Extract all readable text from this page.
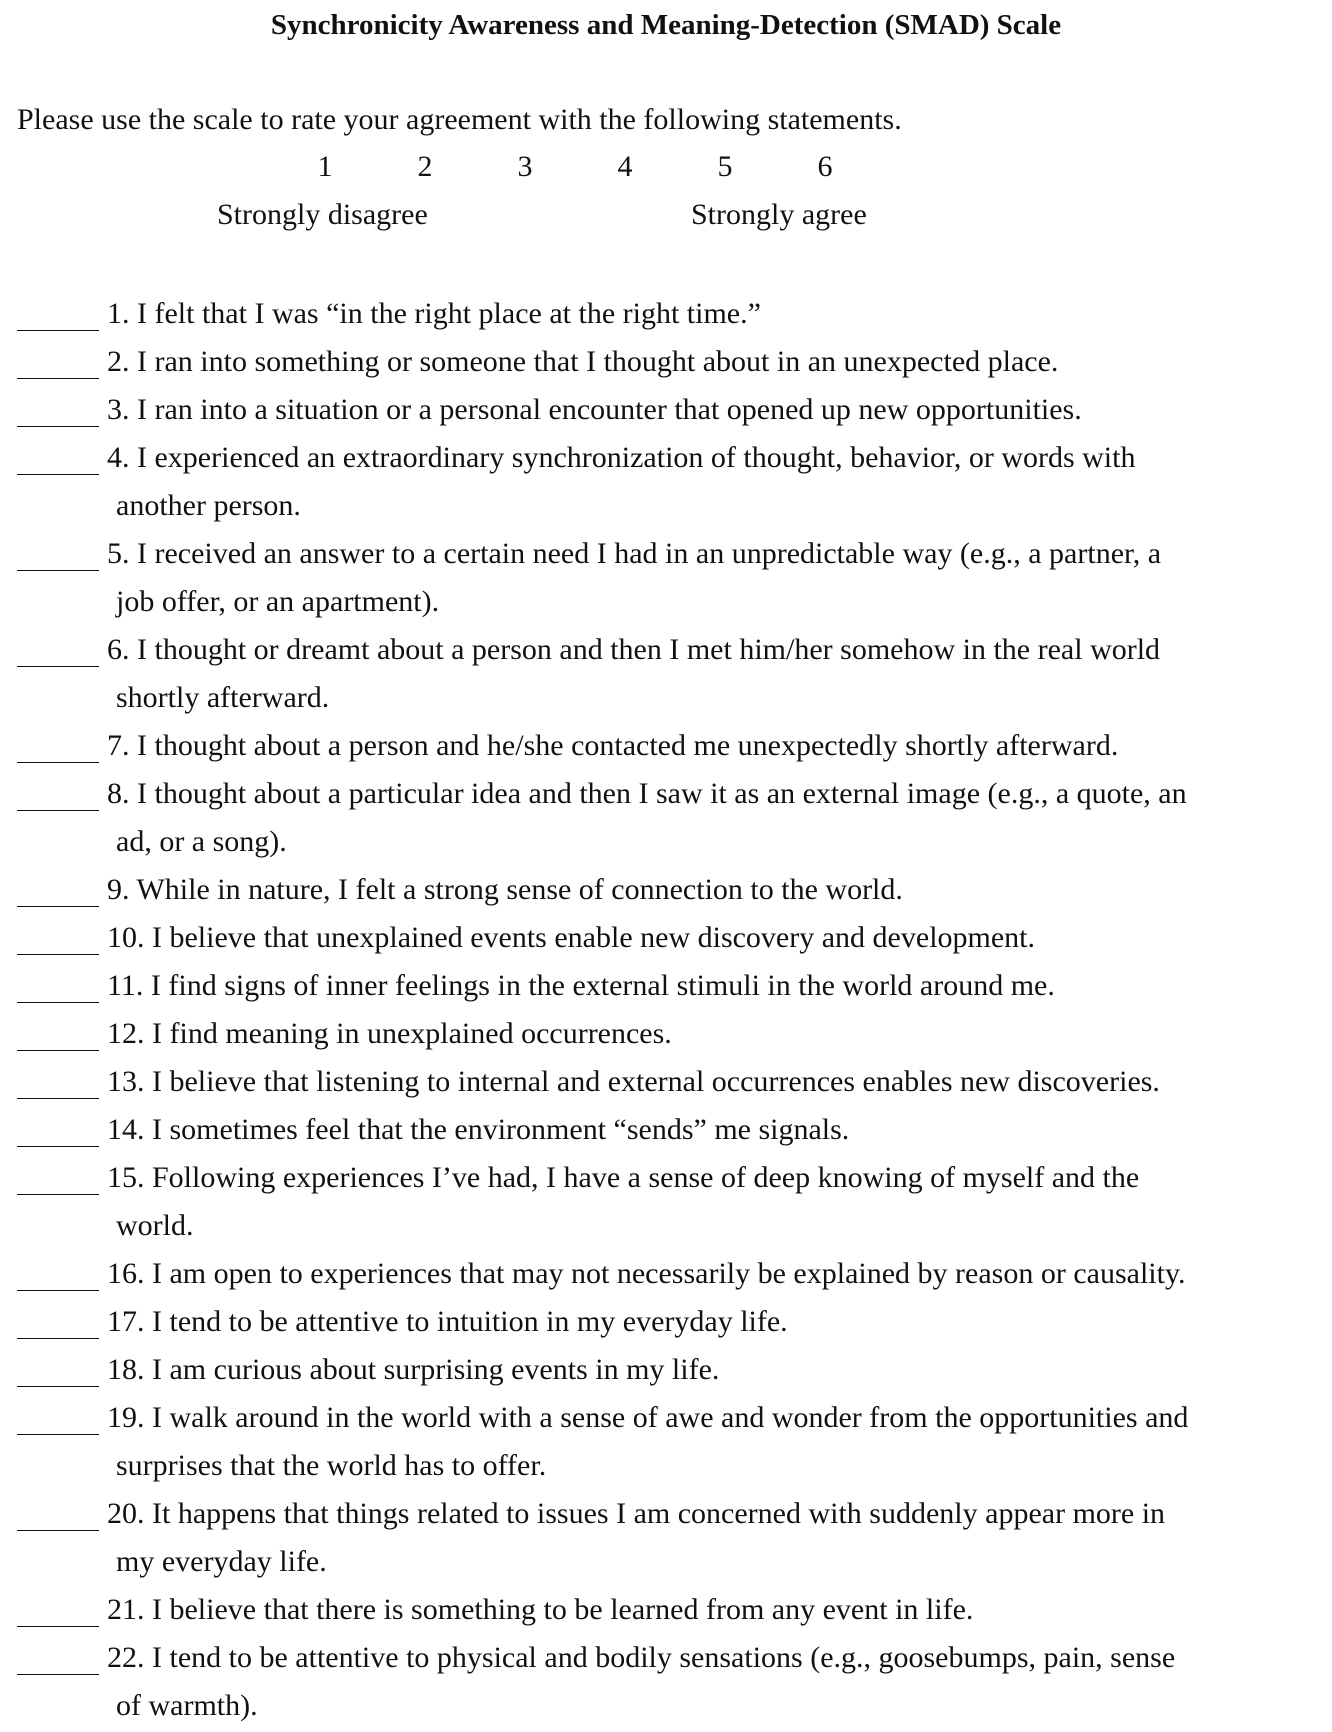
Synchronicity Awareness and Meaning-Detection (SMAD) Scale
Please use the scale to rate your agreement with the following statements.
1	2	3	4	5	6
Strongly disagree	Strongly agree
1. I felt that I was “in the right place at the right time.”
2. I ran into something or someone that I thought about in an unexpected place.
3. I ran into a situation or a personal encounter that opened up new opportunities.
4. I experienced an extraordinary synchronization of thought, behavior, or words with
another person.
5. I received an answer to a certain need I had in an unpredictable way (e.g., a partner, a
job offer, or an apartment).
6. I thought or dreamt about a person and then I met him/her somehow in the real world
shortly afterward.
7. I thought about a person and he/she contacted me unexpectedly shortly afterward.
8. I thought about a particular idea and then I saw it as an external image (e.g., a quote, an
ad, or a song).
9. While in nature, I felt a strong sense of connection to the world.
10. I believe that unexplained events enable new discovery and development.
11. I find signs of inner feelings in the external stimuli in the world around me.
12. I find meaning in unexplained occurrences.
13. I believe that listening to internal and external occurrences enables new discoveries.
14. I sometimes feel that the environment “sends” me signals.
15. Following experiences I’ve had, I have a sense of deep knowing of myself and the
world.
16. I am open to experiences that may not necessarily be explained by reason or causality.
17. I tend to be attentive to intuition in my everyday life.
18. I am curious about surprising events in my life.
19. I walk around in the world with a sense of awe and wonder from the opportunities and
surprises that the world has to offer.
20. It happens that things related to issues I am concerned with suddenly appear more in
my everyday life.
21. I believe that there is something to be learned from any event in life.
22. I tend to be attentive to physical and bodily sensations (e.g., goosebumps, pain, sense
of warmth).
